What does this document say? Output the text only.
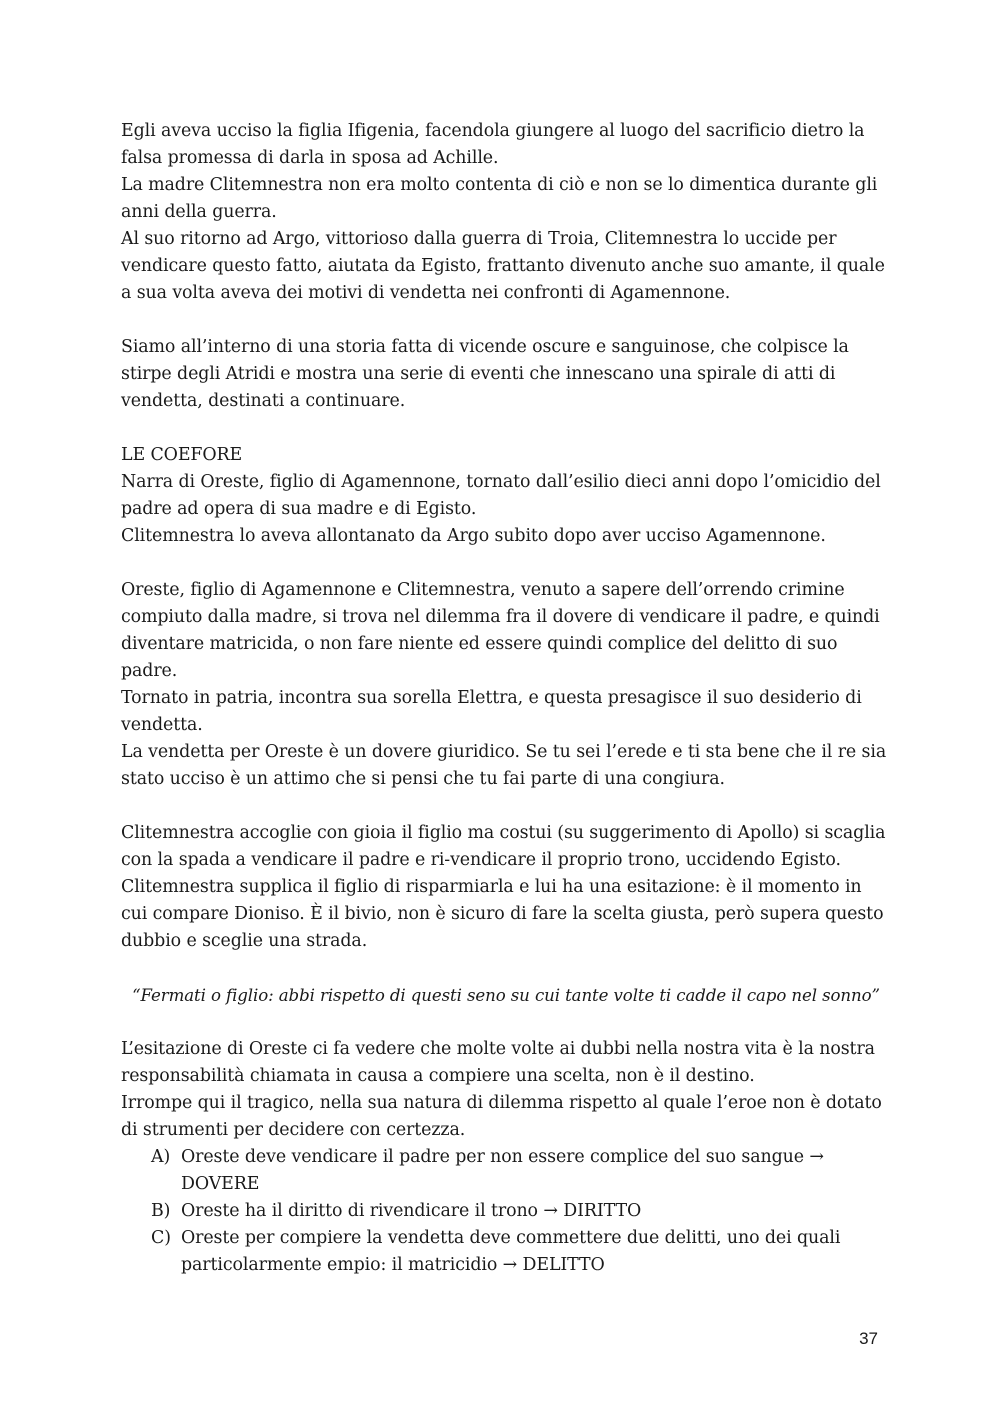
Egli aveva ucciso la figlia Ifigenia, facendola giungere al luogo del sacrificio dietro la falsa promessa di darla in sposa ad Achille.

La madre Clitemnestra non era molto contenta di ciò e non se lo dimentica durante gli anni della guerra.

Al suo ritorno ad Argo, vittorioso dalla guerra di Troia, Clitemnestra lo uccide per vendicare questo fatto, aiutata da Egisto, frattanto divenuto anche suo amante, il quale a sua volta aveva dei motivi di vendetta nei confronti di Agamennone.

Siamo all’interno di una storia fatta di vicende oscure e sanguinose, che colpisce la stirpe degli Atridi e mostra una serie di eventi che innescano una spirale di atti di vendetta, destinati a continuare.

LE COEFORE

Narra di Oreste, figlio di Agamennone, tornato dall’esilio dieci anni dopo l’omicidio del padre ad opera di sua madre e di Egisto.

Clitemnestra lo aveva allontanato da Argo subito dopo aver ucciso Agamennone.

Oreste, figlio di Agamennone e Clitemnestra, venuto a sapere dell’orrendo crimine compiuto dalla madre, si trova nel dilemma fra il dovere di vendicare il padre, e quindi diventare matricida, o non fare niente ed essere quindi complice del delitto di suo padre.

Tornato in patria, incontra sua sorella Elettra, e questa presagisce il suo desiderio di vendetta.

La vendetta per Oreste è un dovere giuridico. Se tu sei l’erede e ti sta bene che il re sia stato ucciso è un attimo che si pensi che tu fai parte di una congiura.

Clitemnestra accoglie con gioia il figlio ma costui (su suggerimento di Apollo) si scaglia con la spada a vendicare il padre e ri-vendicare il proprio trono, uccidendo Egisto.

Clitemnestra supplica il figlio di risparmiarla e lui ha una esitazione: è il momento in cui compare Dioniso. È il bivio, non è sicuro di fare la scelta giusta, però supera questo dubbio e sceglie una strada.

“Fermati o figlio: abbi rispetto di questi seno su cui tante volte ti cadde il capo nel sonno”

L’esitazione di Oreste ci fa vedere che molte volte ai dubbi nella nostra vita è la nostra responsabilità chiamata in causa a compiere una scelta, non è il destino.

Irrompe qui il tragico, nella sua natura di dilemma rispetto al quale l’eroe non è dotato di strumenti per decidere con certezza.

A) Oreste deve vendicare il padre per non essere complice del suo sangue → DOVERE
B) Oreste ha il diritto di rivendicare il trono → DIRITTO
C) Oreste per compiere la vendetta deve commettere due delitti, uno dei quali particolarmente empio: il matricidio → DELITTO
37
